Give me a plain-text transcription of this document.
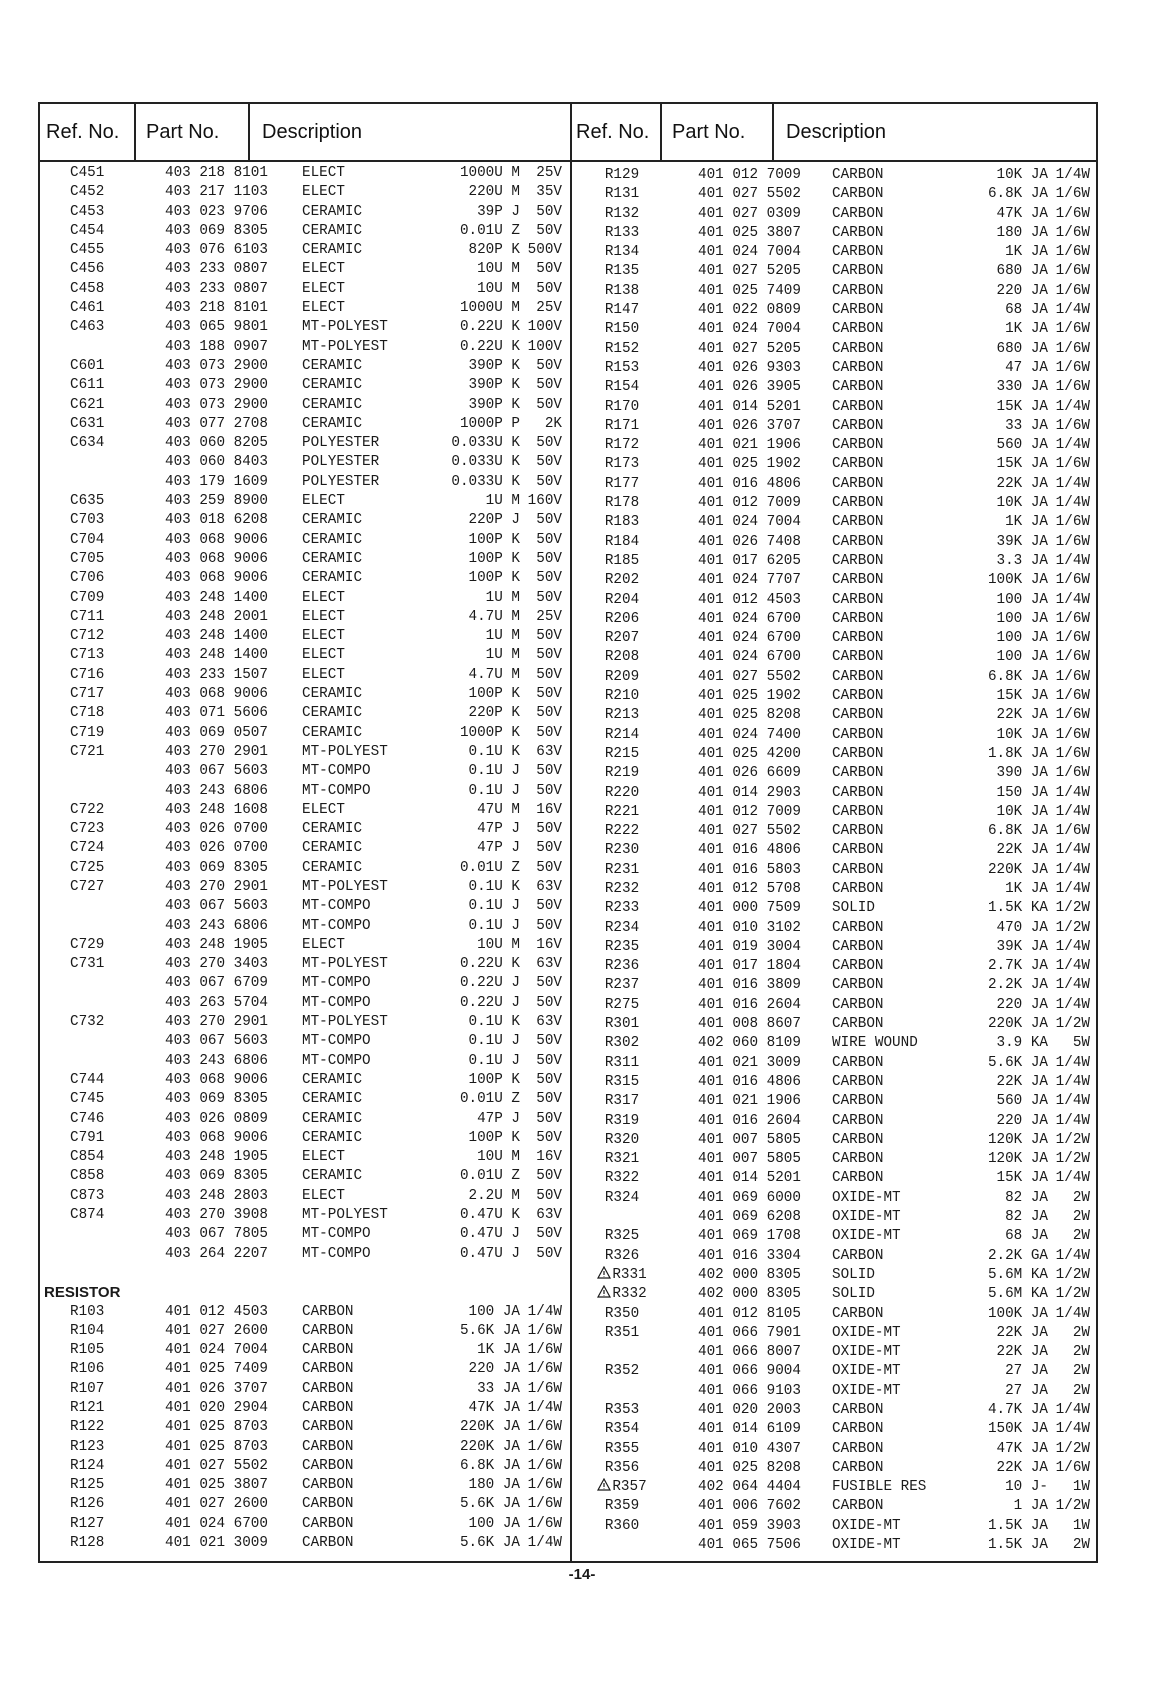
Ref. No. Part No. Description
C451	403 218 8101 ELECT	1000U M	25V
C452	403 217 1103 ELECT	220U M	35V
C453	403 023 9706 CERAMIC	39P J	50V
C454	403 069 8305 CERAMIC	0.01U Z	50V
C455	403 076 6103 CERAMIC	820P K 500V
C456	403 233 0807 ELECT	10U M	50V
C458	403 233 0807 ELECT	10U M	50V
C461	403 218 8101 ELECT	1000U M	25V
C463	403 065 9801 MT-POLYEST	0.22U K 100V
403 188 0907 MT-POLYEST	0.22U K 100V
C601	403 073 2900 CERAMIC	390P K	50V
C611	403 073 2900 CERAMIC	390P K	50V
C621	403 073 2900 CERAMIC	390P K	50V
C631	403 077 2708 CERAMIC	1000P P	2K
C634	403 060 8205 POLYESTER	0.033U K	50V
403 060 8403 POLYESTER	0.033U K	50V
403 179 1609 POLYESTER	0.033U K	50V
C635	403 259 8900 ELECT	1U M 160V
C703	403 018 6208 CERAMIC	220P J	50V
C704	403 068 9006 CERAMIC	100P K	50V
C705	403 068 9006 CERAMIC	100P K	50V
C706	403 068 9006 CERAMIC	100P K	50V
C709	403 248 1400 ELECT	1U M	50V
C711	403 248 2001 ELECT	4.7U M	25V
C712	403 248 1400 ELECT	1U M	50V
C713	403 248 1400 ELECT	1U M	50V
C716	403 233 1507 ELECT	4.7U M	50V
C717	403 068 9006 CERAMIC	100P K	50V
C718	403 071 5606 CERAMIC	220P K	50V
C719	403 069 0507 CERAMIC	1000P K	50V
C721	403 270 2901 MT-POLYEST	0.1U K	63V
403 067 5603 MT-COMPO	0.1U J	50V
403 243 6806 MT-COMPO	0.1U J	50V
C722	403 248 1608 ELECT	47U M	16V
C723	403 026 0700 CERAMIC	47P J	50V
C724	403 026 0700 CERAMIC	47P J	50V
C725	403 069 8305 CERAMIC	0.01U Z	50V
C727	403 270 2901 MT-POLYEST	0.1U K	63V
403 067 5603 MT-COMPO	0.1U J	50V
403 243 6806 MT-COMPO	0.1U J	50V
C729	403 248 1905 ELECT	10U M	16V
C731	403 270 3403 MT-POLYEST	0.22U K	63V
403 067 6709 MT-COMPO	0.22U J	50V
403 263 5704 MT-COMPO	0.22U J	50V
C732	403 270 2901 MT-POLYEST	0.1U K	63V
403 067 5603 MT-COMPO	0.1U J	50V
403 243 6806 MT-COMPO	0.1U J	50V
C744	403 068 9006 CERAMIC	100P K	50V
C745	403 069 8305 CERAMIC	0.01U Z	50V
C746	403 026 0809 CERAMIC	47P J	50V
C791	403 068 9006 CERAMIC	100P K	50V
C854	403 248 1905 ELECT	10U M	16V
C858	403 069 8305 CERAMIC	0.01U Z	50V
C873	403 248 2803 ELECT	2.2U M	50V
C874	403 270 3908 MT-POLYEST	0.47U K	63V
403 067 7805 MT-COMPO	0.47U J	50V
403 264 2207 MT-COMPO	0.47U J	50V
RESISTOR
R103	401 012 4503 CARBON	100 JA 1/4W
R104	401 027 2600 CARBON	5.6K JA 1/6W
R105	401 024 7004 CARBON	1K JA 1/6W
R106	401 025 7409 CARBON	220 JA 1/6W
R107	401 026 3707 CARBON	33 JA 1/6W
R121	401 020 2904 CARBON	47K JA 1/4W
R122	401 025 8703 CARBON	220K JA 1/6W
R123	401 025 8703 CARBON	220K JA 1/6W
R124	401 027 5502 CARBON	6.8K JA 1/6W
R125	401 025 3807 CARBON	180 JA 1/6W
R126	401 027 2600 CARBON	5.6K JA 1/6W
R127	401 024 6700 CARBON	100 JA 1/6W
R128	401 021 3009 CARBON	5.6K JA 1/4W
Ref. No. Part No. Description
R129	401 012 7009 CARBON	10K JA 1/4W
R131	401 027 5502 CARBON	6.8K JA 1/6W
R132	401 027 0309 CARBON	47K JA 1/6W
R133	401 025 3807 CARBON	180 JA 1/6W
R134	401 024 7004 CARBON	1K JA 1/6W
R135	401 027 5205 CARBON	680 JA 1/6W
R138	401 025 7409 CARBON	220 JA 1/6W
R147	401 022 0809 CARBON	68 JA 1/4W
R150	401 024 7004 CARBON	1K JA 1/6W
R152	401 027 5205 CARBON	680 JA 1/6W
R153	401 026 9303 CARBON	47 JA 1/6W
R154	401 026 3905 CARBON	330 JA 1/6W
R170	401 014 5201 CARBON	15K JA 1/4W
R171	401 026 3707 CARBON	33 JA 1/6W
R172	401 021 1906 CARBON	560 JA 1/4W
R173	401 025 1902 CARBON	15K JA 1/6W
R177	401 016 4806 CARBON	22K JA 1/4W
R178	401 012 7009 CARBON	10K JA 1/4W
R183	401 024 7004 CARBON	1K JA 1/6W
R184	401 026 7408 CARBON	39K JA 1/6W
R185	401 017 6205 CARBON	3.3 JA 1/4W
R202	401 024 7707 CARBON	100K JA 1/6W
R204	401 012 4503 CARBON	100 JA 1/4W
R206	401 024 6700 CARBON	100 JA 1/6W
R207	401 024 6700 CARBON	100 JA 1/6W
R208	401 024 6700 CARBON	100 JA 1/6W
R209	401 027 5502 CARBON	6.8K JA 1/6W
R210	401 025 1902 CARBON	15K JA 1/6W
R213	401 025 8208 CARBON	22K JA 1/6W
R214	401 024 7400 CARBON	10K JA 1/6W
R215	401 025 4200 CARBON	1.8K JA 1/6W
R219	401 026 6609 CARBON	390 JA 1/6W
R220	401 014 2903 CARBON	150 JA 1/4W
R221	401 012 7009 CARBON	10K JA 1/4W
R222	401 027 5502 CARBON	6.8K JA 1/6W
R230	401 016 4806 CARBON	22K JA 1/4W
R231	401 016 5803 CARBON	220K JA 1/4W
R232	401 012 5708 CARBON	1K JA 1/4W
R233	401 000 7509 SOLID	1.5K KA 1/2W
R234	401 010 3102 CARBON	470 JA 1/2W
R235	401 019 3004 CARBON	39K JA 1/4W
R236	401 017 1804 CARBON	2.7K JA 1/4W
R237	401 016 3809 CARBON	2.2K JA 1/4W
R275	401 016 2604 CARBON	220 JA 1/4W
R301	401 008 8607 CARBON	220K JA 1/2W
R302	402 060 8109 WIRE WOUND	3.9 KA	5W
R311	401 021 3009 CARBON	5.6K JA 1/4W
R315	401 016 4806 CARBON	22K JA 1/4W
R317	401 021 1906 CARBON	560 JA 1/4W
R319	401 016 2604 CARBON	220 JA 1/4W
R320	401 007 5805 CARBON	120K JA 1/2W
R321	401 007 5805 CARBON	120K JA 1/2W
R322	401 014 5201 CARBON	15K JA 1/4W
R324	401 069 6000 OXIDE-MT	82 JA	2W
401 069 6208 OXIDE-MT	82 JA	2W
R325	401 069 1708 OXIDE-MT	68 JA	2W
R326	401 016 3304 CARBON	2.2K GA 1/4W
R331	402 000 8305 SOLID	5.6M KA 1/2W
R332	402 000 8305 SOLID	5.6M KA 1/2W
R350	401 012 8105 CARBON	100K JA 1/4W
R351	401 066 7901 OXIDE-MT	22K JA	2W
401 066 8007 OXIDE-MT	22K JA	2W
R352	401 066 9004 OXIDE-MT	27 JA	2W
401 066 9103 OXIDE-MT	27 JA	2W
R353	401 020 2003 CARBON	4.7K JA 1/4W
R354	401 014 6109 CARBON	150K JA 1/4W
R355	401 010 4307 CARBON	47K JA 1/2W
R356	401 025 8208 CARBON	22K JA 1/6W
R357	402 064 4404 FUSIBLE RES	10 J-	1W
R359	401 006 7602 CARBON	1 JA 1/2W
R360	401 059 3903 OXIDE-MT	1.5K JA	1W
401 065 7506 OXIDE-MT	1.5K JA	2W
-14-
